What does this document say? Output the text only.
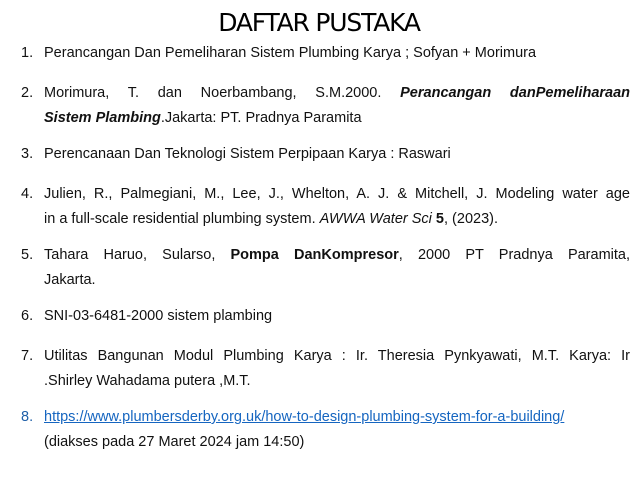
DAFTAR PUSTAKA
1. Perancangan Dan Pemeliharan Sistem Plumbing Karya ; Sofyan + Morimura
2. Morimura, T. dan Noerbambang, S.M.2000. Perancangan danPemeliharaan
Sistem Plambing.Jakarta: PT. Pradnya Paramita
3. Perencanaan Dan Teknologi Sistem Perpipaan Karya : Raswari
4. Julien, R., Palmegiani, M., Lee, J., Whelton, A. J. & Mitchell, J. Modeling water age
in a full-scale residential plumbing system. AWWA Water Sci 5, (2023).
5. Tahara Haruo, Sularso, Pompa DanKompresor, 2000 PT Pradnya Paramita,
Jakarta.
6. SNI-03-6481-2000 sistem plambing
7. Utilitas Bangunan Modul Plumbing Karya : Ir. Theresia Pynkyawati, M.T. Karya: Ir
.Shirley Wahadama putera ,M.T.
8. https://www.plumbersderby.org.uk/how-to-design-plumbing-system-for-a-building/
(diakses pada 27 Maret 2024 jam 14:50)
